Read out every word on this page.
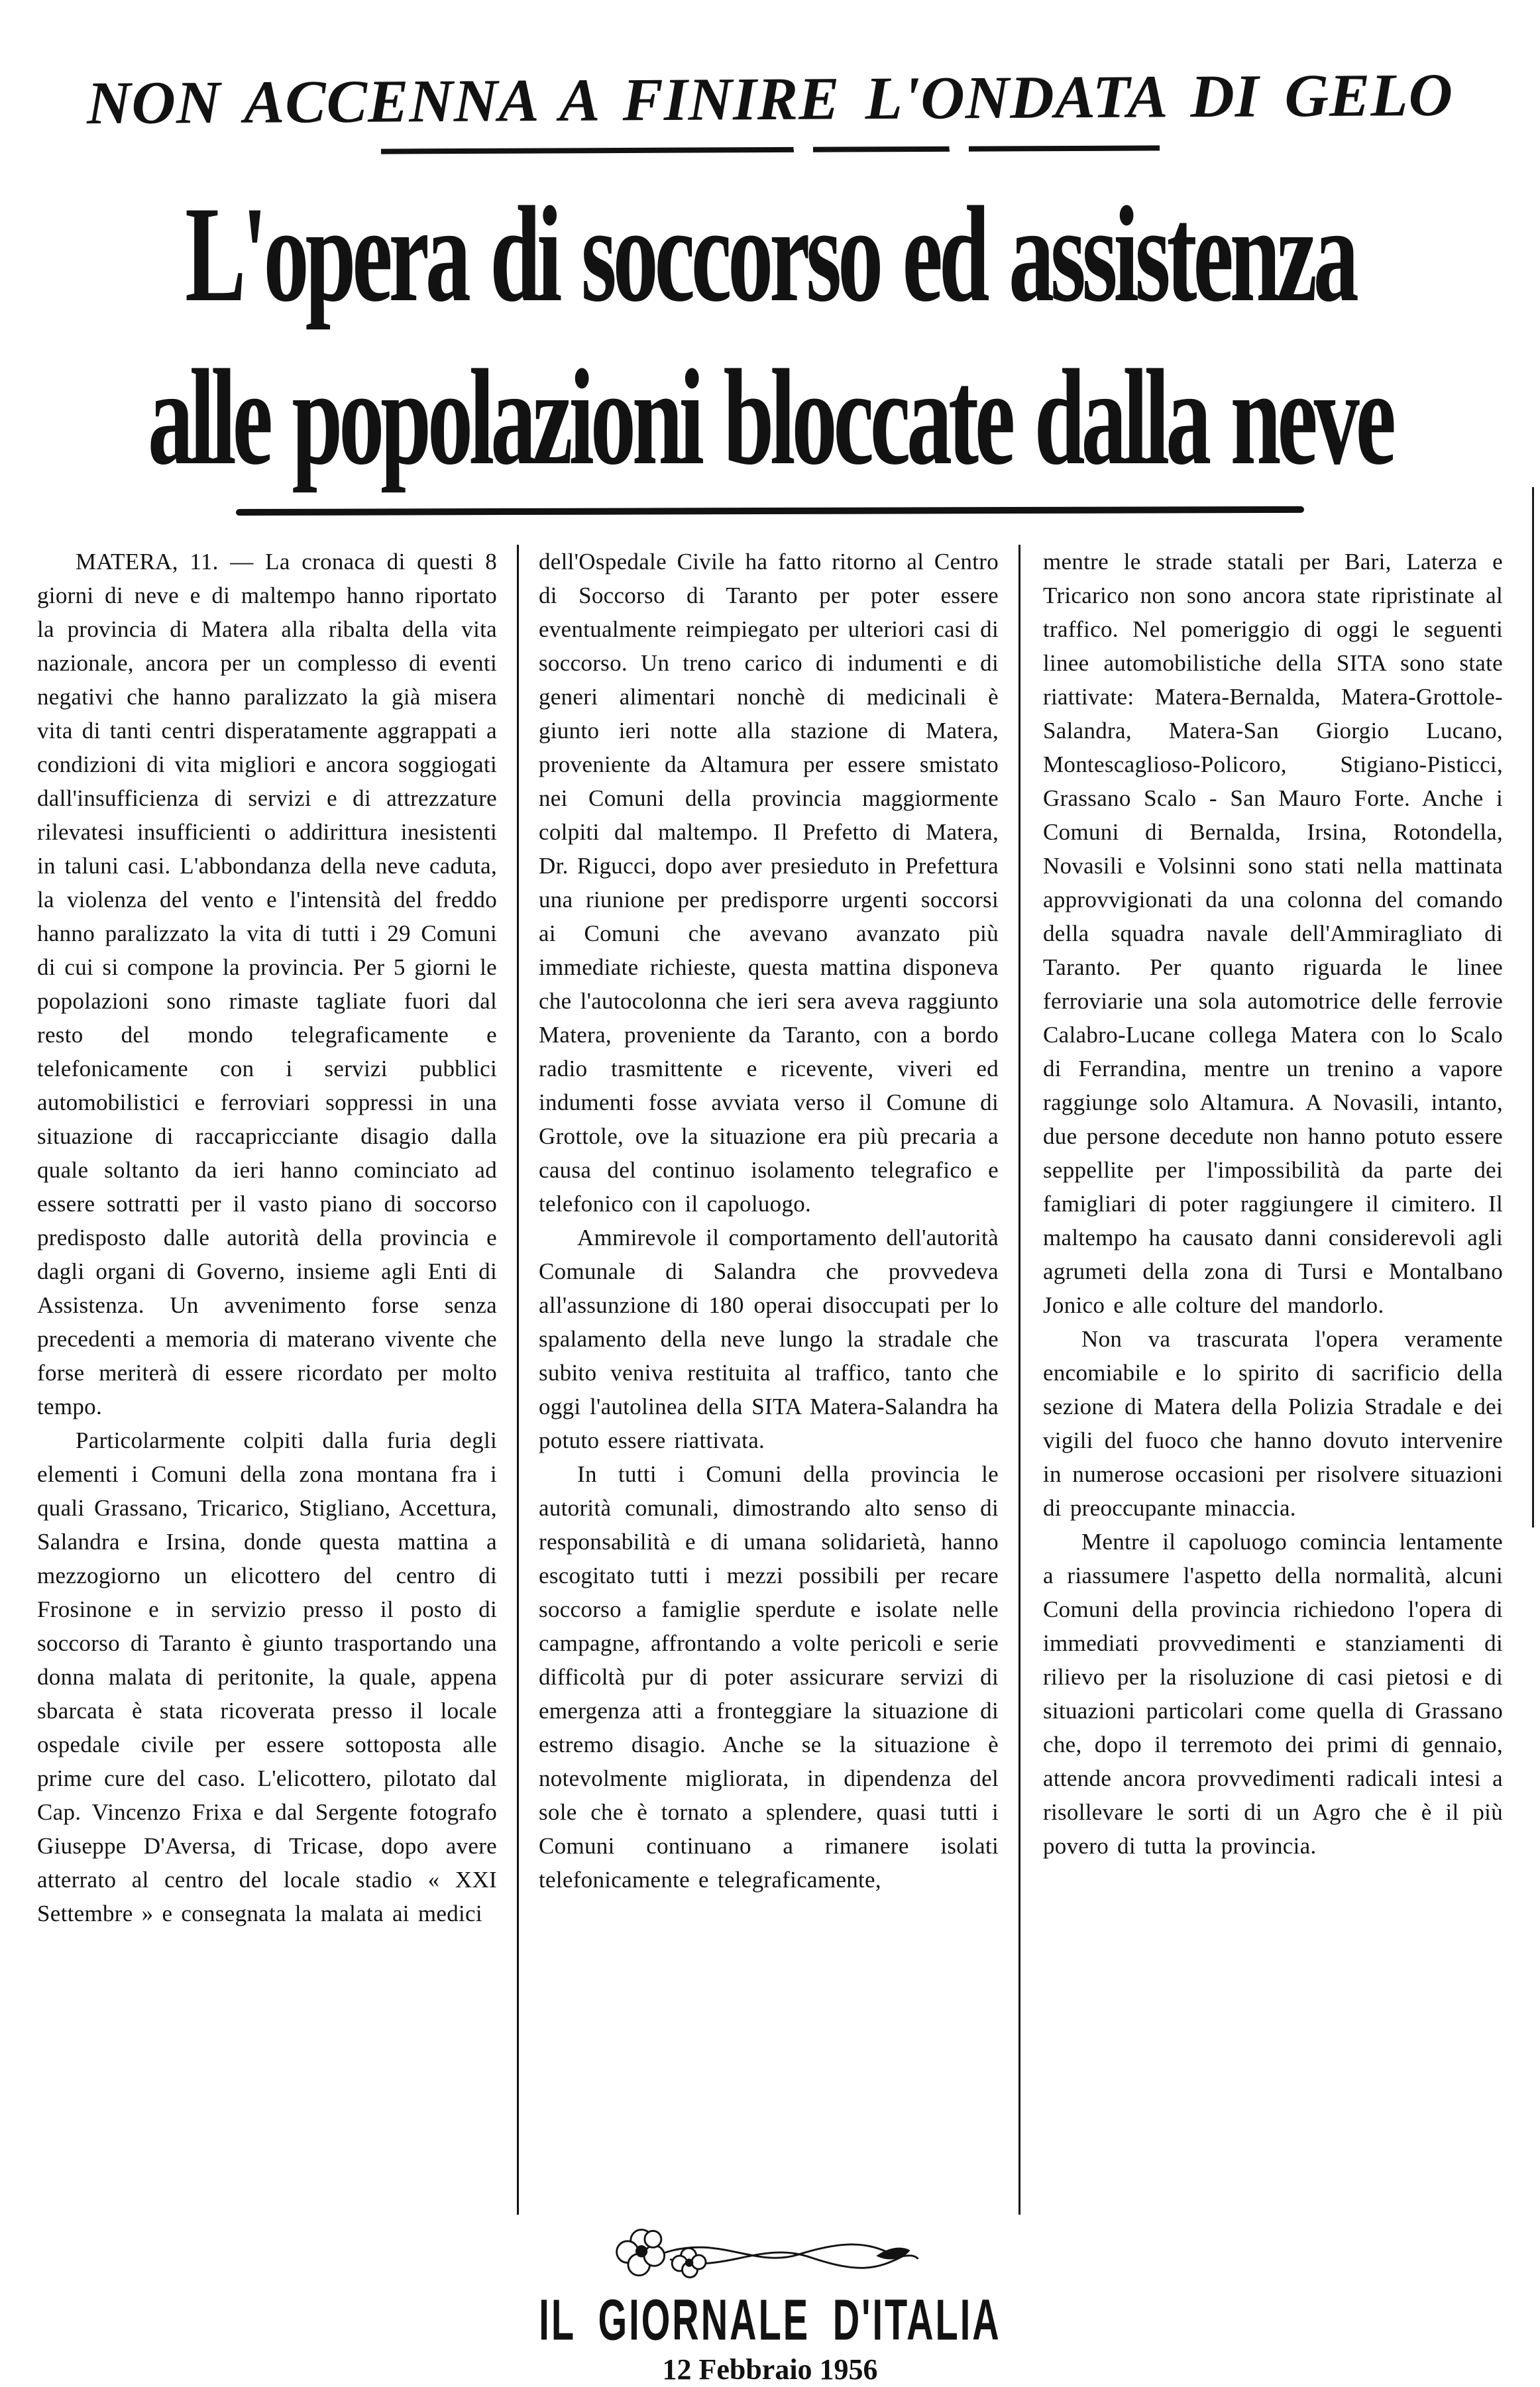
NON ACCENNA A FINIRE L'ONDATA DI GELO
L'opera di soccorso ed assistenza
alle popolazioni bloccate dalla neve

MATERA, 11. — La cronaca di questi 8 giorni di neve e di maltempo hanno riportato la provincia di Matera alla ribalta della vita nazionale, ancora per un complesso di eventi negativi che hanno paralizzato la già misera vita di tanti centri disperatamente aggrappati a condizioni di vita migliori e ancora soggiogati dall'insufficienza di servizi e di attrezzature rilevatesi insufficienti o addirittura inesistenti in taluni casi. L'abbondanza della neve caduta, la violenza del vento e l'intensità del freddo hanno paralizzato la vita di tutti i 29 Comuni di cui si compone la provincia. Per 5 giorni le popolazioni sono rimaste tagliate fuori dal resto del mondo telegraficamente e telefonicamente con i servizi pubblici automobilistici e ferroviari soppressi in una situazione di raccapricciante disagio dalla quale soltanto da ieri hanno cominciato ad essere sottratti per il vasto piano di soccorso predisposto dalle autorità della provincia e dagli organi di Governo, insieme agli Enti di Assistenza. Un avvenimento forse senza precedenti a memoria di materano vivente che forse meriterà di essere ricordato per molto tempo.

Particolarmente colpiti dalla furia degli elementi i Comuni della zona montana fra i quali Grassano, Tricarico, Stigliano, Accettura, Salandra e Irsina, donde questa mattina a mezzogiorno un elicottero del centro di Frosinone e in servizio presso il posto di soccorso di Taranto è giunto trasportando una donna malata di peritonite, la quale, appena sbarcata è stata ricoverata presso il locale ospedale civile per essere sottoposta alle prime cure del caso. L'elicottero, pilotato dal Cap. Vincenzo Frixa e dal Sergente fotografo Giuseppe D'Aversa, di Tricase, dopo avere atterrato al centro del locale stadio « XXI Settembre » e consegnata la malata ai medici

dell'Ospedale Civile ha fatto ritorno al Centro di Soccorso di Taranto per poter essere eventualmente reimpiegato per ulteriori casi di soccorso. Un treno carico di indumenti e di generi alimentari nonchè di medicinali è giunto ieri notte alla stazione di Matera, proveniente da Altamura per essere smistato nei Comuni della provincia maggiormente colpiti dal maltempo. Il Prefetto di Matera, Dr. Rigucci, dopo aver presieduto in Prefettura una riunione per predisporre urgenti soccorsi ai Comuni che avevano avanzato più immediate richieste, questa mattina disponeva che l'autocolonna che ieri sera aveva raggiunto Matera, proveniente da Taranto, con a bordo radio trasmittente e ricevente, viveri ed indumenti fosse avviata verso il Comune di Grottole, ove la situazione era più precaria a causa del continuo isolamento telegrafico e telefonico con il capoluogo.

Ammirevole il comportamento dell'autorità Comunale di Salandra che provvedeva all'assunzione di 180 operai disoccupati per lo spalamento della neve lungo la stradale che subito veniva restituita al traffico, tanto che oggi l'autolinea della SITA Matera-Salandra ha potuto essere riattivata.

In tutti i Comuni della provincia le autorità comunali, dimostrando alto senso di responsabilità e di umana solidarietà, hanno escogitato tutti i mezzi possibili per recare soccorso a famiglie sperdute e isolate nelle campagne, affrontando a volte pericoli e serie difficoltà pur di poter assicurare servizi di emergenza atti a fronteggiare la situazione di estremo disagio. Anche se la situazione è notevolmente migliorata, in dipendenza del sole che è tornato a splendere, quasi tutti i Comuni continuano a rimanere isolati telefonicamente e telegraficamente,

mentre le strade statali per Bari, Laterza e Tricarico non sono ancora state ripristinate al traffico. Nel pomeriggio di oggi le seguenti linee automobilistiche della SITA sono state riattivate: Matera-Bernalda, Matera-Grottole-Salandra, Matera-San Giorgio Lucano, Montescaglioso-Policoro, Stigiano-Pisticci, Grassano Scalo - San Mauro Forte. Anche i Comuni di Bernalda, Irsina, Rotondella, Novasili e Volsinni sono stati nella mattinata approvvigionati da una colonna del comando della squadra navale dell'Ammiragliato di Taranto. Per quanto riguarda le linee ferroviarie una sola automotrice delle ferrovie Calabro-Lucane collega Matera con lo Scalo di Ferrandina, mentre un trenino a vapore raggiunge solo Altamura. A Novasili, intanto, due persone decedute non hanno potuto essere seppellite per l'impossibilità da parte dei famigliari di poter raggiungere il cimitero. Il maltempo ha causato danni considerevoli agli agrumeti della zona di Tursi e Montalbano Jonico e alle colture del mandorlo.

Non va trascurata l'opera veramente encomiabile e lo spirito di sacrificio della sezione di Matera della Polizia Stradale e dei vigili del fuoco che hanno dovuto intervenire in numerose occasioni per risolvere situazioni di preoccupante minaccia.

Mentre il capoluogo comincia lentamente a riassumere l'aspetto della normalità, alcuni Comuni della provincia richiedono l'opera di immediati provvedimenti e stanziamenti di rilievo per la risoluzione di casi pietosi e di situazioni particolari come quella di Grassano che, dopo il terremoto dei primi di gennaio, attende ancora provvedimenti radicali intesi a risollevare le sorti di un Agro che è il più povero di tutta la provincia.

IL GIORNALE D'ITALIA
12 Febbraio 1956
